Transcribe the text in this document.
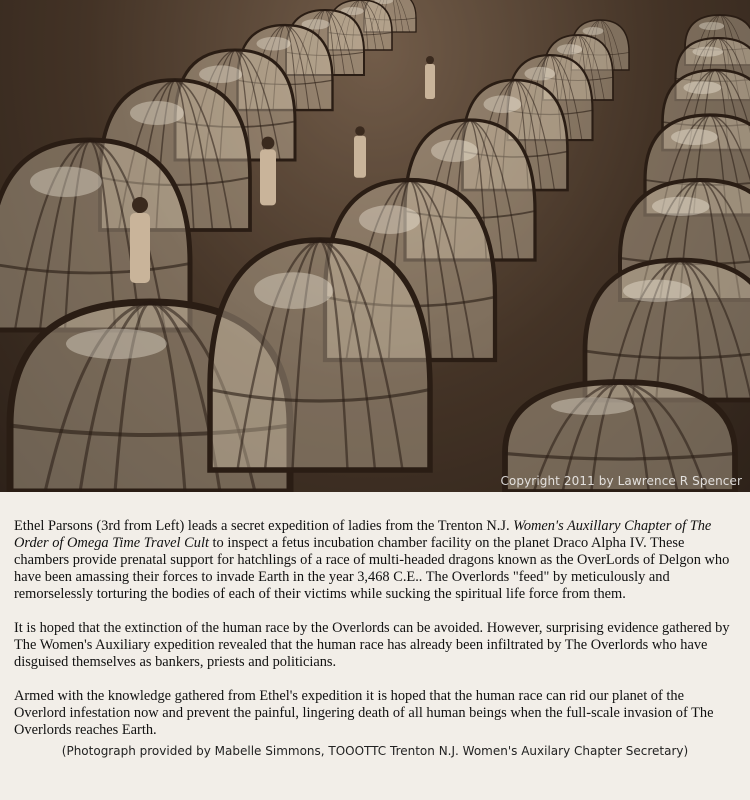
Copyright 2011 by Lawrence R Spencer

Ethel Parsons (3rd from Left) leads a secret expedition of ladies from the Trenton N.J. Women's Auxillary Chapter of The Order of Omega Time Travel Cult to inspect a fetus incubation chamber facility on the planet Draco Alpha IV. These chambers provide prenatal support for hatchlings of a race of multi-headed dragons known as the OverLords of Delgon who have been amassing their forces to invade Earth in the year 3,468 C.E.. The Overlords "feed" by meticulously and remorselessly torturing the bodies of each of their victims while sucking the spiritual life force from them.

It is hoped that the extinction of the human race by the Overlords can be avoided. However, surprising evidence gathered by The Women's Auxiliary expedition revealed that the human race has already been infiltrated by The Overlords who have disguised themselves as bankers, priests and politicians.

Armed with the knowledge gathered from Ethel's expedition it is hoped that the human race can rid our planet of the Overlord infestation now and prevent the painful, lingering death of all human beings when the full-scale invasion of The Overlords reaches Earth.

(Photograph provided by Mabelle Simmons, TOOOTTC Trenton N.J. Women's Auxilary Chapter Secretary)
